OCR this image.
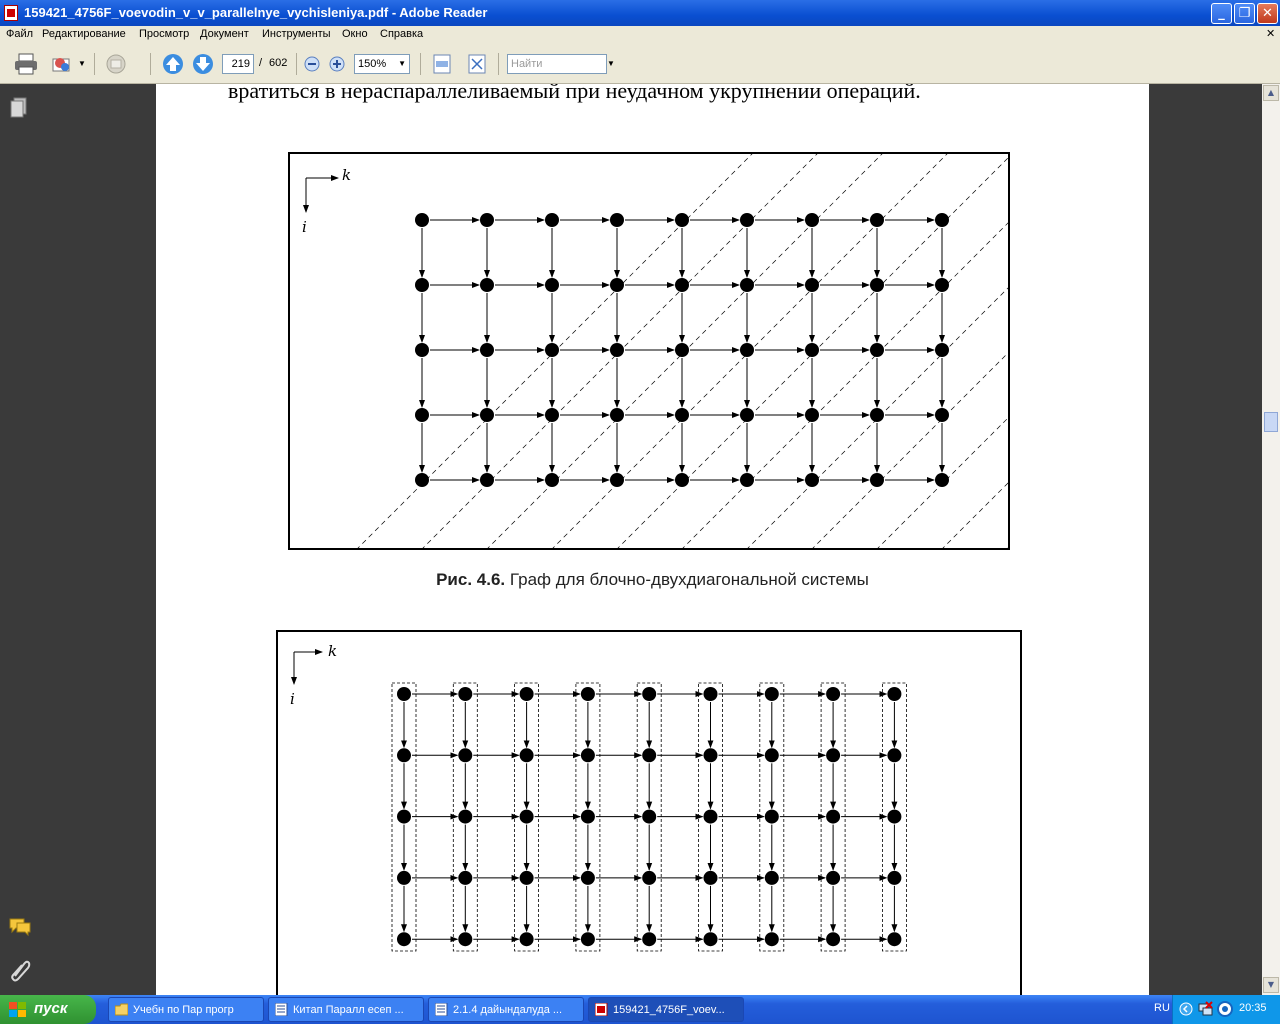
159421_4756F_voevodin_v_v_parallelnye_vychisleniya.pdf - Adobe Reader	_	❐ ✕
Файл Редактирование Просмотр Документ Инструменты Окно Справка	✕
▼	219 / 602	150% ▼	Найти	▼
вратиться в нераспараллеливаемый при неудачном укрупнении операций.
k
i
Рис. 4.6. Граф для блочно-двухдиагональной системы
k
i
▲
▼
пуск	Учебн по Пар прогр	Китап Паралл есеп ...	2.1.4 дайындалуда ...	159421_4756F_voev...	RU	20:35
